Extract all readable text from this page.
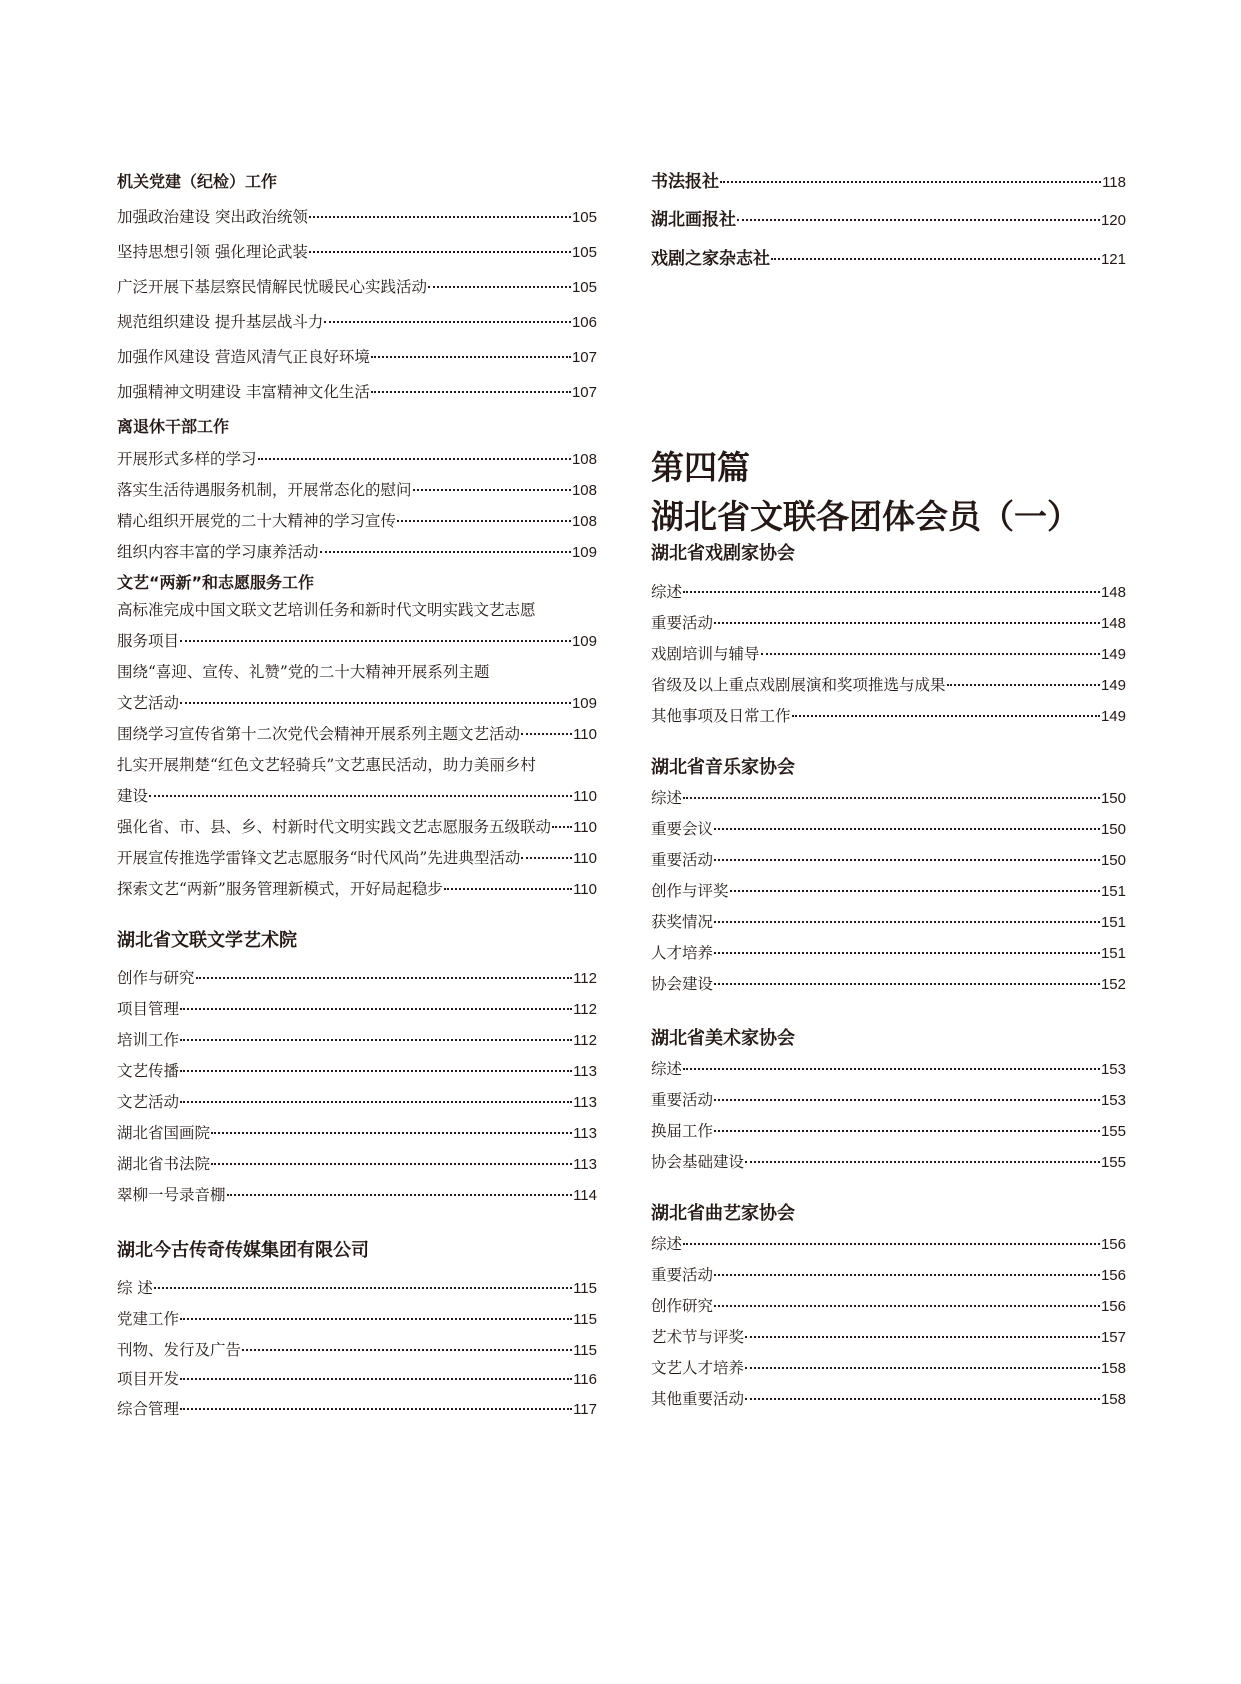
机关党建（纪检）工作
加强政治建设 突出政治统领	105
坚持思想引领 强化理论武装	105
广泛开展下基层察民情解民忧暖民心实践活动	105
规范组织建设 提升基层战斗力	106
加强作风建设 营造风清气正良好环境	107
加强精神文明建设 丰富精神文化生活	107
离退休干部工作
开展形式多样的学习	108
落实生活待遇服务机制，开展常态化的慰问	108
精心组织开展党的二十大精神的学习宣传	108
组织内容丰富的学习康养活动	109
文艺“两新”和志愿服务工作
高标准完成中国文联文艺培训任务和新时代文明实践文艺志愿
服务项目	109
围绕“喜迎、宣传、礼赞”党的二十大精神开展系列主题
文艺活动	109
围绕学习宣传省第十二次党代会精神开展系列主题文艺活动	110
扎实开展荆楚“红色文艺轻骑兵”文艺惠民活动，助力美丽乡村
建设	110
强化省、市、县、乡、村新时代文明实践文艺志愿服务五级联动 110
开展宣传推选学雷锋文艺志愿服务“时代风尚”先进典型活动	110
探索文艺“两新”服务管理新模式，开好局起稳步	110
湖北省文联文学艺术院
创作与研究	112
项目管理	112
培训工作	112
文艺传播	113
文艺活动	113
湖北省国画院	113
湖北省书法院	113
翠柳一号录音棚	114
湖北今古传奇传媒集团有限公司
综 述	115
党建工作	115
刊物、发行及广告	115
项目开发	116
综合管理	117
书法报社	118
湖北画报社	120
戏剧之家杂志社	121
第四篇
湖北省文联各团体会员（一）
湖北省戏剧家协会
综述	148
重要活动	148
戏剧培训与辅导	149
省级及以上重点戏剧展演和奖项推选与成果	149
其他事项及日常工作	149
湖北省音乐家协会
综述	150
重要会议	150
重要活动	150
创作与评奖	151
获奖情况	151
人才培养	151
协会建设	152
湖北省美术家协会
综述	153
重要活动	153
换届工作	155
协会基础建设	155
湖北省曲艺家协会
综述	156
重要活动	156
创作研究	156
艺术节与评奖	157
文艺人才培养	158
其他重要活动	158
